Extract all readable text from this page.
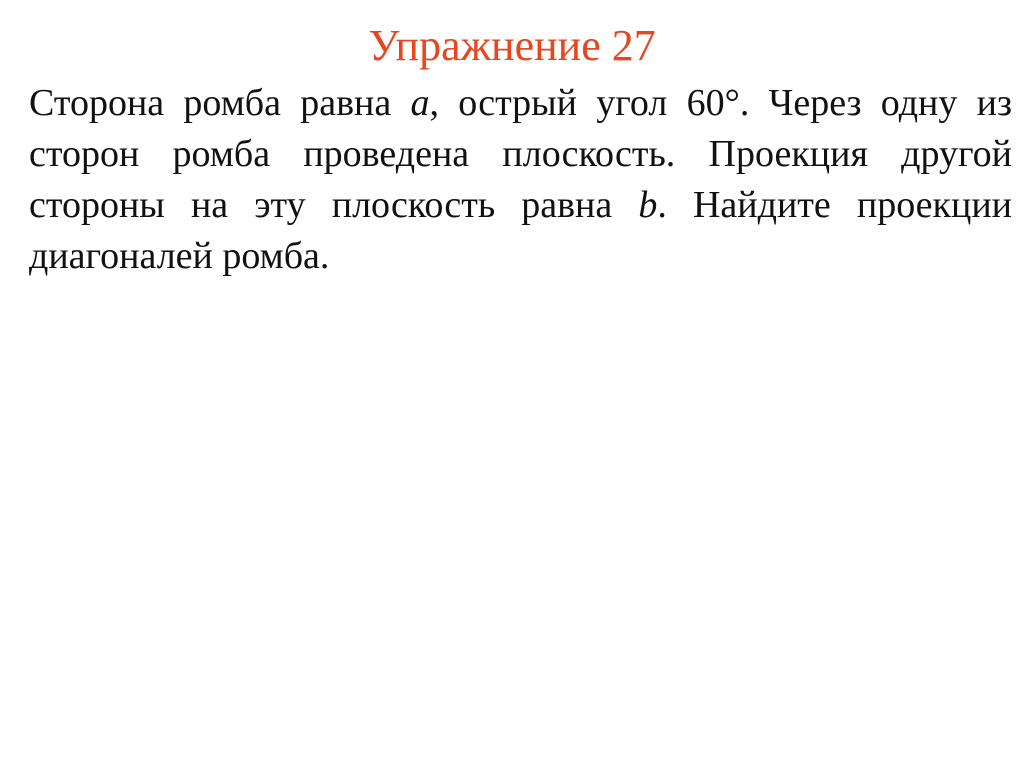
Упражнение 27

Сторона ромба равна a, острый угол 60°. Через одну из сторон ромба проведена плоскость. Проекция другой стороны на эту плоскость равна b. Найдите проекции диагоналей ромба.
